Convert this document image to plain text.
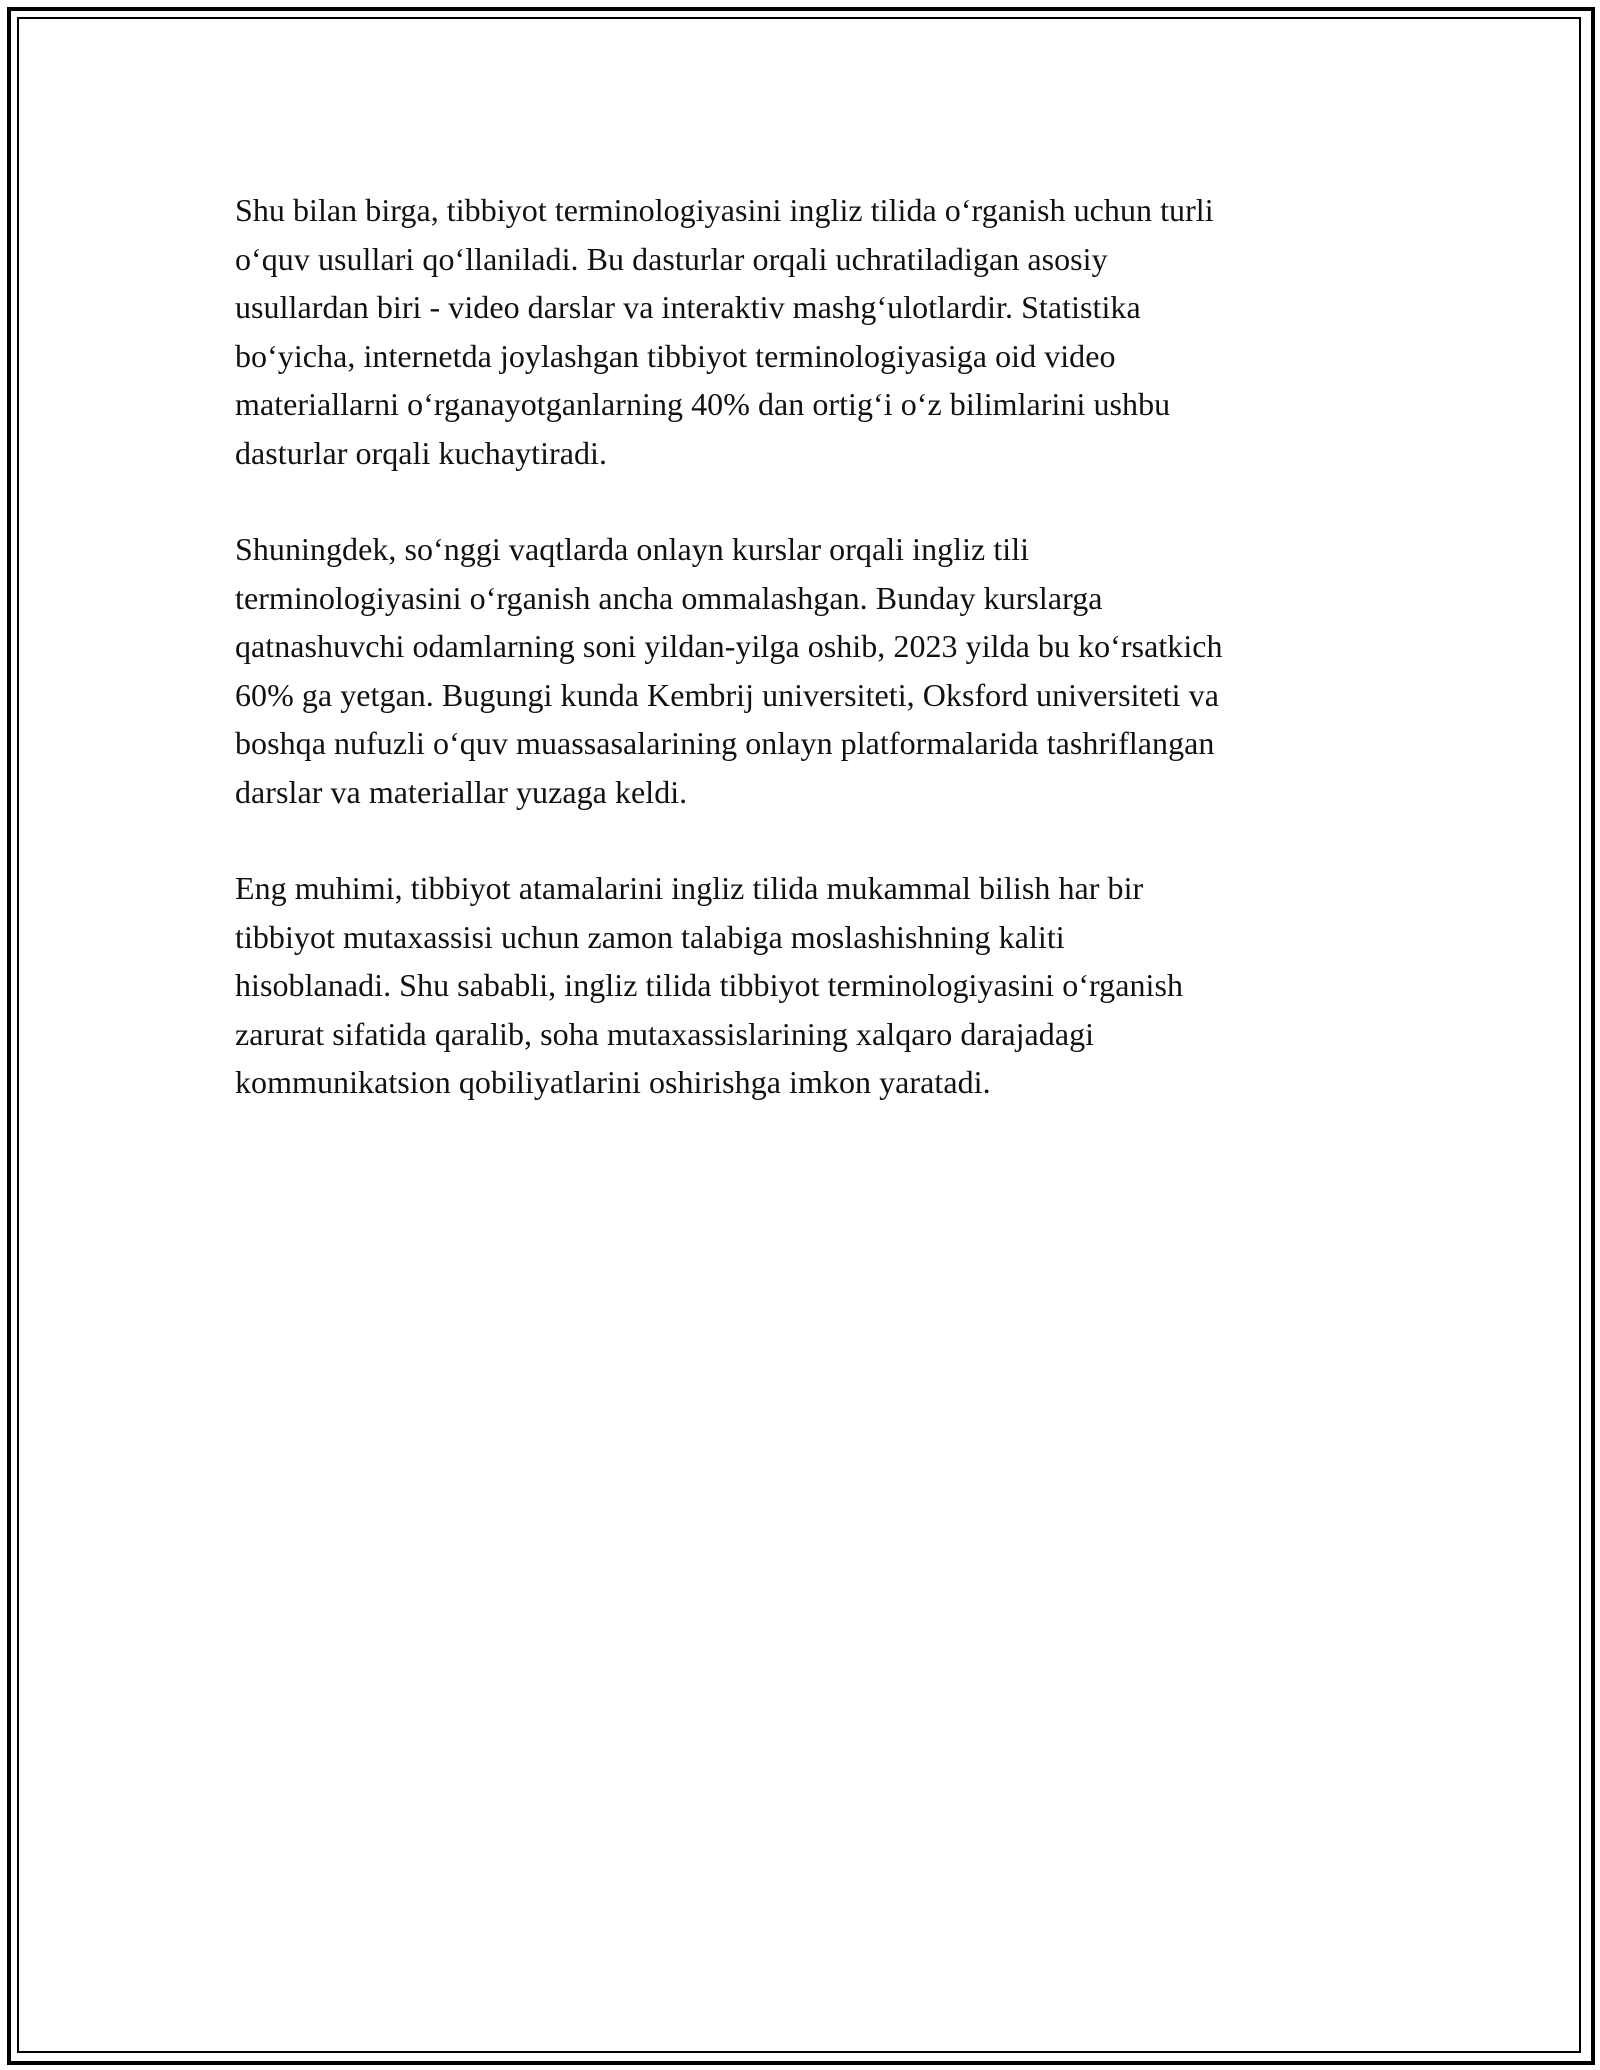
Shu bilan birga, tibbiyot terminologiyasini ingliz tilida o‘rganish uchun turli
o‘quv usullari qo‘llaniladi. Bu dasturlar orqali uchratiladigan asosiy
usullardan biri - video darslar va interaktiv mashg‘ulotlardir. Statistika
bo‘yicha, internetda joylashgan tibbiyot terminologiyasiga oid video
materiallarni o‘rganayotganlarning 40% dan ortig‘i o‘z bilimlarini ushbu
dasturlar orqali kuchaytiradi.

Shuningdek, so‘nggi vaqtlarda onlayn kurslar orqali ingliz tili
terminologiyasini o‘rganish ancha ommalashgan. Bunday kurslarga
qatnashuvchi odamlarning soni yildan-yilga oshib, 2023 yilda bu ko‘rsatkich
60% ga yetgan. Bugungi kunda Kembrij universiteti, Oksford universiteti va
boshqa nufuzli o‘quv muassasalarining onlayn platformalarida tashriflangan
darslar va materiallar yuzaga keldi.

Eng muhimi, tibbiyot atamalarini ingliz tilida mukammal bilish har bir
tibbiyot mutaxassisi uchun zamon talabiga moslashishning kaliti
hisoblanadi. Shu sababli, ingliz tilida tibbiyot terminologiyasini o‘rganish
zarurat sifatida qaralib, soha mutaxassislarining xalqaro darajadagi
kommunikatsion qobiliyatlarini oshirishga imkon yaratadi.
